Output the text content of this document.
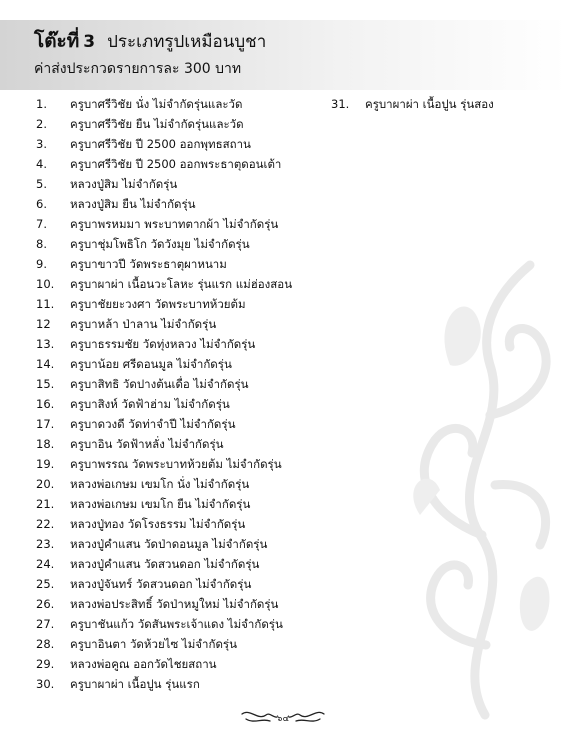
โต๊ะที่ 3 ประเภทรูปเหมือนบูชา
ค่าส่งประกวดรายการละ 300 บาท
1. ครูบาศรีวิชัย นั่ง ไม่จำกัดรุ่นและวัด
2. ครูบาศรีวิชัย ยืน ไม่จำกัดรุ่นและวัด
3. ครูบาศรีวิชัย ปี 2500 ออกพุทธสถาน
4. ครูบาศรีวิชัย ปี 2500 ออกพระธาตุดอนเต้า
5. หลวงปู่สิม ไม่จำกัดรุ่น
6. หลวงปู่สิม ยืน ไม่จำกัดรุ่น
7. ครูบาพรหมมา พระบาทตากผ้า ไม่จำกัดรุ่น
8. ครูบาชุ่มโพธิโก วัดวังมุย ไม่จำกัดรุ่น
9. ครูบาขาวปี วัดพระธาตุผาหนาม
10. ครูบาผาผ่า เนื้อนวะโลหะ รุ่นแรก แม่ฮ่องสอน
11. ครูบาชัยยะวงศา วัดพระบาทห้วยต้ม
12 ครูบาหล้า ป่าลาน ไม่จำกัดรุ่น
13. ครูบาธรรมชัย วัดทุ่งหลวง ไม่จำกัดรุ่น
14. ครูบาน้อย ศรีดอนมูล ไม่จำกัดรุ่น
15. ครูบาสิทธิ วัดปางต้นเดื่อ ไม่จำกัดรุ่น
16. ครูบาสิงห์ วัดฟ้าฮ่าม ไม่จำกัดรุ่น
17. ครูบาดวงดี วัดท่าจำปี ไม่จำกัดรุ่น
18. ครูบาอิน วัดฟ้าหลั่ง ไม่จำกัดรุ่น
19. ครูบาพรรณ วัดพระบาทห้วยต้ม ไม่จำกัดรุ่น
20. หลวงพ่อเกษม เขมโก นั่ง ไม่จำกัดรุ่น
21. หลวงพ่อเกษม เขมโก ยืน ไม่จำกัดรุ่น
22. หลวงปู่ทอง วัดโรงธรรม ไม่จำกัดรุ่น
23. หลวงปู่คำแสน วัดป่าดอนมูล ไม่จำกัดรุ่น
24. หลวงปู่คำแสน วัดสวนดอก ไม่จำกัดรุ่น
25. หลวงปู่จันทร์ วัดสวนดอก ไม่จำกัดรุ่น
26. หลวงพ่อประสิทธิ์ วัดป่าหมูใหม่ ไม่จำกัดรุ่น
27. ครูบาชันแก้ว วัดสันพระเจ้าแดง ไม่จำกัดรุ่น
28. ครูบาอินตา วัดห้วยไซ ไม่จำกัดรุ่น
29. หลวงพ่อคูณ ออกวัดไชยสถาน
30. ครูบาผาผ่า เนื้อปูน รุ่นแรก
31. ครูบาผาผ่า เนื้อปูน รุ่นสอง
๖๔
